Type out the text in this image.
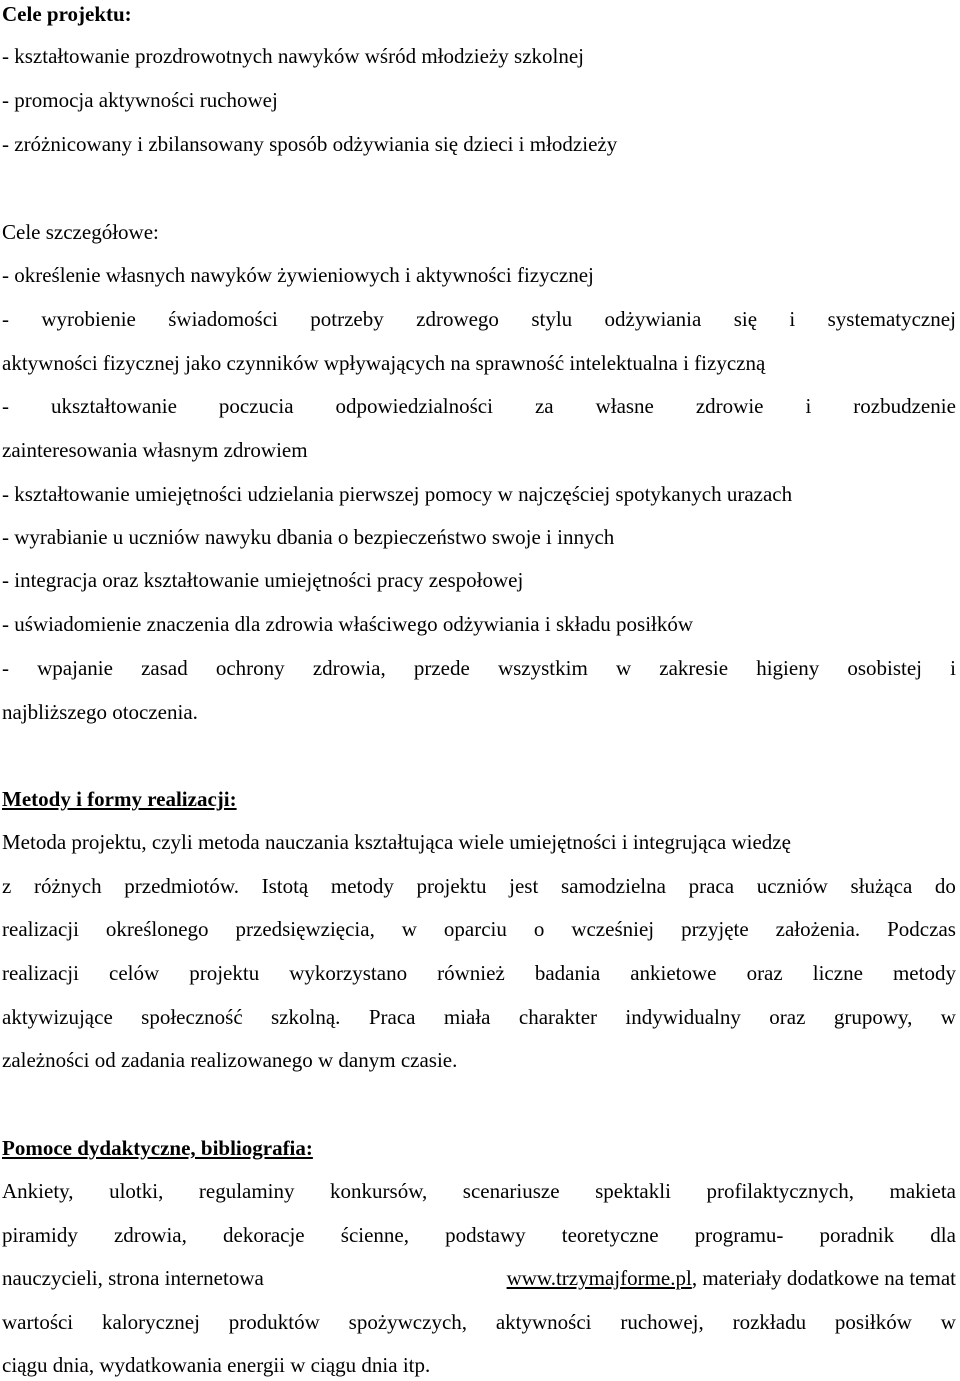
Cele projektu:
- kształtowanie prozdrowotnych nawyków wśród młodzieży szkolnej
- promocja aktywności ruchowej
- zróżnicowany i zbilansowany sposób odżywiania się dzieci i młodzieży
Cele szczegółowe:
- określenie własnych nawyków żywieniowych i aktywności fizycznej
- wyrobienie świadomości potrzeby zdrowego stylu odżywiania się i systematycznej
aktywności fizycznej jako czynników wpływających na sprawność intelektualna i fizyczną
- ukształtowanie poczucia odpowiedzialności za własne zdrowie i rozbudzenie
zainteresowania własnym zdrowiem
- kształtowanie umiejętności udzielania pierwszej pomocy w najczęściej spotykanych urazach
- wyrabianie u uczniów nawyku dbania o bezpieczeństwo swoje i innych
- integracja oraz kształtowanie umiejętności pracy zespołowej
- uświadomienie znaczenia dla zdrowia właściwego odżywiania i składu posiłków
- wpajanie zasad ochrony zdrowia, przede wszystkim w zakresie higieny osobistej i
najbliższego otoczenia.
Metody i formy realizacji:
Metoda projektu, czyli metoda nauczania kształtująca wiele umiejętności i integrująca wiedzę
z różnych przedmiotów. Istotą metody projektu jest samodzielna praca uczniów służąca do
realizacji określonego przedsięwzięcia, w oparciu o wcześniej przyjęte założenia. Podczas
realizacji celów projektu wykorzystano również badania ankietowe oraz liczne metody
aktywizujące społeczność szkolną. Praca miała charakter indywidualny oraz grupowy, w
zależności od zadania realizowanego w danym czasie.
Pomoce dydaktyczne, bibliografia:
Ankiety, ulotki, regulaminy konkursów, scenariusze spektakli profilaktycznych, makieta
piramidy zdrowia, dekoracje ścienne, podstawy teoretyczne programu- poradnik dla
nauczycieli, strona internetowa	www.trzymajforme.pl, materiały dodatkowe na temat
wartości kalorycznej produktów spożywczych, aktywności ruchowej, rozkładu posiłków w
ciągu dnia, wydatkowania energii w ciągu dnia itp.
